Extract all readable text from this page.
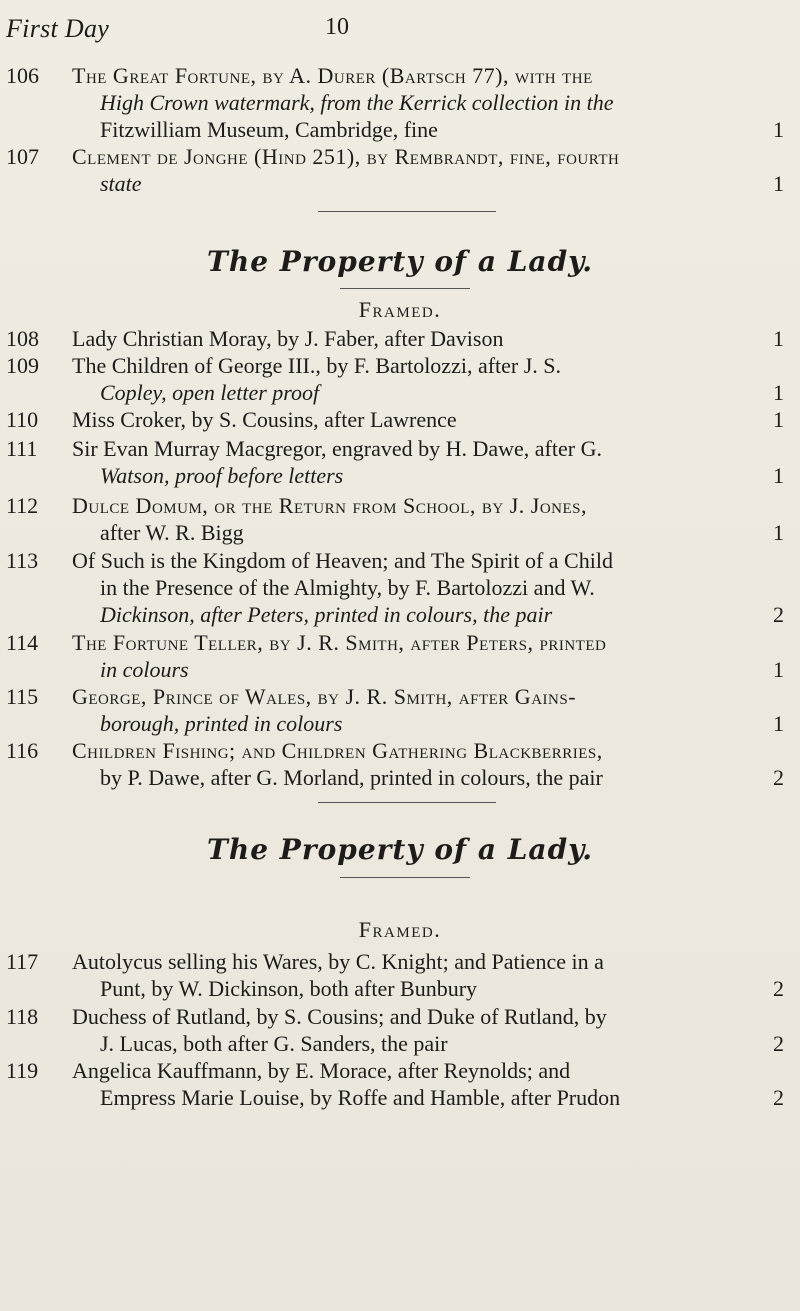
First Day	10
106 The Great Fortune, by A. Durer (Bartsch 77), with the
High Crown watermark, from the Kerrick collection in the
Fitzwilliam Museum, Cambridge, fine	1
107 Clement de Jonghe (Hind 251), by Rembrandt, fine, fourth
state	1
The Property of a Lady.
Framed.
108 Lady Christian Moray, by J. Faber, after Davison	1
109 The Children of George III., by F. Bartolozzi, after J. S.
Copley, open letter proof	1
110 Miss Croker, by S. Cousins, after Lawrence	1
111 Sir Evan Murray Macgregor, engraved by H. Dawe, after G.
Watson, proof before letters	1
112 Dulce Domum, or the Return from School, by J. Jones,
after W. R. Bigg	1
113 Of Such is the Kingdom of Heaven; and The Spirit of a Child
in the Presence of the Almighty, by F. Bartolozzi and W.
Dickinson, after Peters, printed in colours, the pair	2
114 The Fortune Teller, by J. R. Smith, after Peters, printed
in colours	1
115 George, Prince of Wales, by J. R. Smith, after Gains-
borough, printed in colours	1
116 Children Fishing; and Children Gathering Blackberries,
by P. Dawe, after G. Morland, printed in colours, the pair	2
The Property of a Lady.
Framed.
117 Autolycus selling his Wares, by C. Knight; and Patience in a
Punt, by W. Dickinson, both after Bunbury	2
118 Duchess of Rutland, by S. Cousins; and Duke of Rutland, by
J. Lucas, both after G. Sanders, the pair	2
119 Angelica Kauffmann, by E. Morace, after Reynolds; and
Empress Marie Louise, by Roffe and Hamble, after Prudon	2
